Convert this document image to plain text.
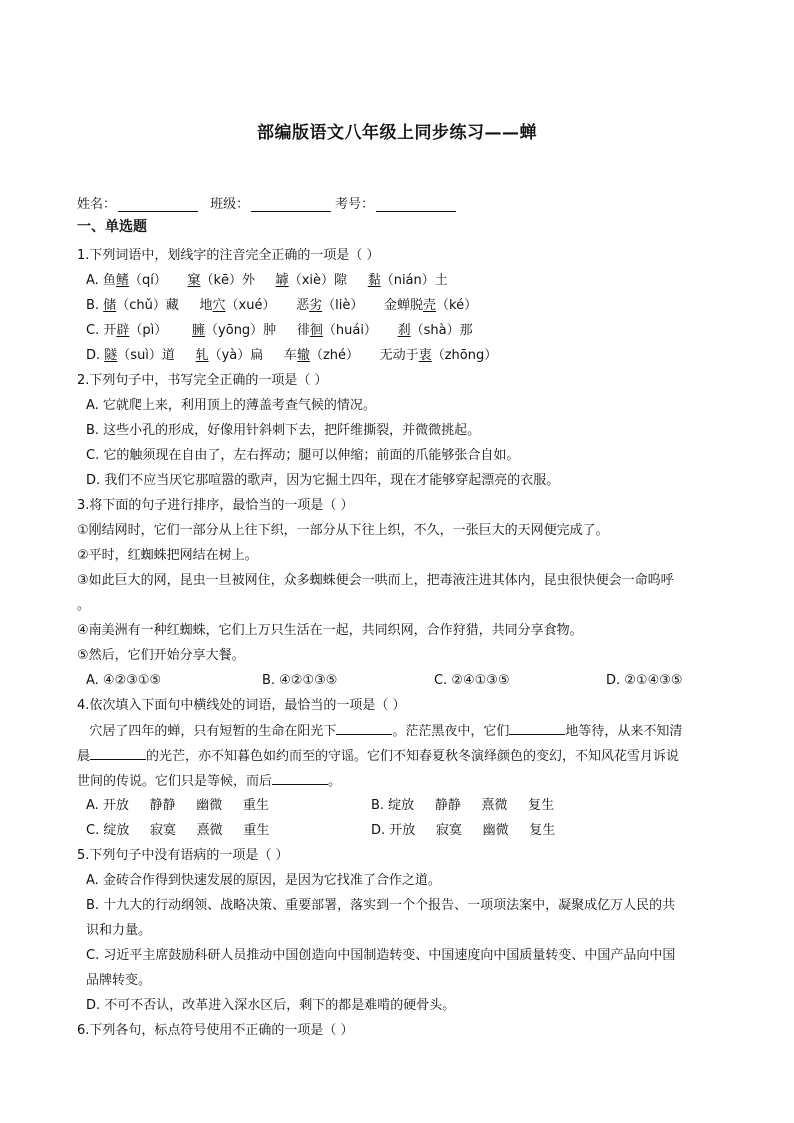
部编版语文八年级上同步练习——蝉
姓名：	班级：	考号：
一、单选题
1.下列词语中，划线字的注音完全正确的一项是（ ）
A. 鱼鳍（qí）     窠（kē）外     罅（xiè）隙     黏（nián）土
B. 储（chǔ）藏     地穴（xué）     恶劣（liè）     金蝉脱壳（ké）
C. 开辟（pì）      臃（yōng）肿     徘徊（huái）     刹（shà）那
D. 隧（suì）道     轧（yà）扁     车辙（zhé）     无动于衷（zhōng）
2.下列句子中，书写完全正确的一项是（ ）
A. 它就爬上来，利用顶上的薄盖考查气候的情况。
B. 这些小孔的形成，好像用针斜刺下去，把阡维撕裂，并微微挑起。
C. 它的触须现在自由了，左右挥动；腿可以伸缩；前面的爪能够张合自如。
D. 我们不应当厌它那喧嚣的歌声，因为它掘土四年，现在才能够穿起漂亮的衣服。
3.将下面的句子进行排序，最恰当的一项是（ ）
①刚结网时，它们一部分从上往下织，一部分从下往上织，不久，一张巨大的天网便完成了。
②平时，红蜘蛛把网结在树上。
③如此巨大的网，昆虫一旦被网住，众多蜘蛛便会一哄而上，把毒液注进其体内，昆虫很快便会一命呜呼
。
④南美洲有一种红蜘蛛，它们上万只生活在一起，共同织网，合作狩猎，共同分享食物。
⑤然后，它们开始分享大餐。
A. ④②③①⑤	B. ④②①③⑤	C. ②④①③⑤	D. ②①④③⑤
4.依次填入下面句中横线处的词语，最恰当的一项是（ ）
穴居了四年的蝉，只有短暂的生命在阳光下	。茫茫黑夜中，它们	地等待，从来不知清
晨	的光芒，亦不知暮色如约而至的守谣。它们不知春夏秋冬演绎颜色的变幻，不知风花雪月诉说
世间的传说。它们只是等候，而后	。
A. 开放     静静     幽微     重生	B. 绽放     静静     熹微     复生
C. 绽放     寂寞     熹微     重生	D. 开放     寂寞     幽微     复生
5.下列句子中没有语病的一项是（ ）
A. 金砖合作得到快速发展的原因，是因为它找准了合作之道。
B. 十九大的行动纲领、战略决策、重要部署，落实到一个个报告、一项项法案中，凝聚成亿万人民的共
识和力量。
C. 习近平主席鼓励科研人员推动中国创造向中国制造转变、中国速度向中国质量转变、中国产品向中国
品牌转变。
D. 不可不否认，改革进入深水区后，剩下的都是难啃的硬骨头。
6.下列各句，标点符号使用不正确的一项是（ ）
